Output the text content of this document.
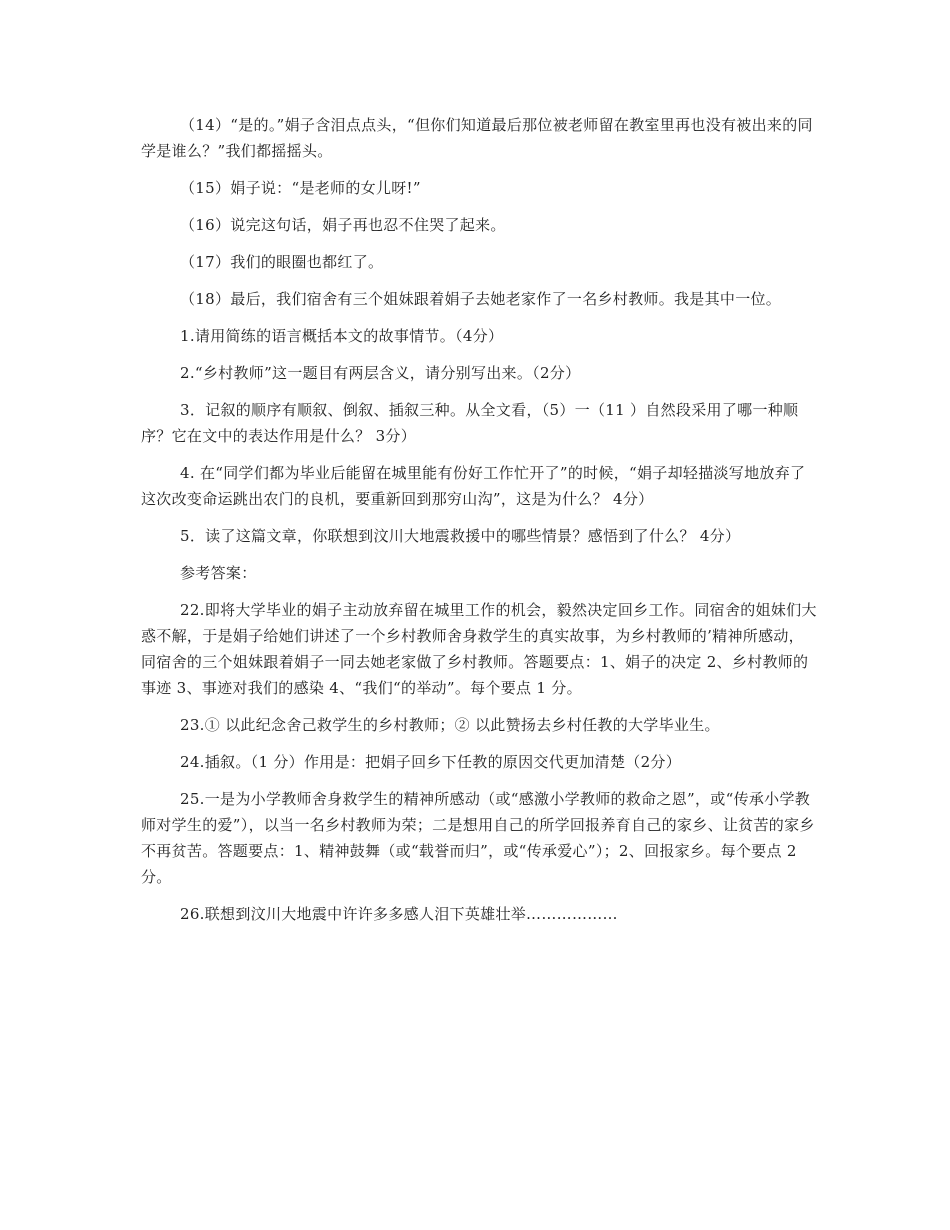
（14）“是的。”娟子含泪点点头，“但你们知道最后那位被老师留在教室里再也没有被出来的同学是谁么？”我们都摇摇头。

（15）娟子说：“是老师的女儿呀!”

（16）说完这句话，娟子再也忍不住哭了起来。

（17）我们的眼圈也都红了。

（18）最后，我们宿舍有三个姐妹跟着娟子去她老家作了一名乡村教师。我是其中一位。

1.请用简练的语言概括本文的故事情节。（4分）

2.“乡村教师”这一题目有两层含义，请分别写出来。（2分）

3．记叙的顺序有顺叙、倒叙、插叙三种。从全文看，（5）一（11 ）自然段采用了哪一种顺序？它在文中的表达作用是什么？ 3分）

4. 在“同学们都为毕业后能留在城里能有份好工作忙开了”的时候，“娟子却轻描淡写地放弃了这次改变命运跳出农门的良机，要重新回到那穷山沟”，这是为什么？ 4分）

5．读了这篇文章，你联想到汶川大地震救援中的哪些情景？感悟到了什么？ 4分）

参考答案：

22.即将大学毕业的娟子主动放弃留在城里工作的机会，毅然决定回乡工作。同宿舍的姐妹们大惑不解，于是娟子给她们讲述了一个乡村教师舍身救学生的真实故事，为乡村教师的’精神所感动，同宿舍的三个姐妹跟着娟子一同去她老家做了乡村教师。答题要点：1、娟子的决定 2、乡村教师的事迹 3、事迹对我们的感染 4、“我们“的举动”。每个要点 1 分。

23.① 以此纪念舍己救学生的乡村教师；② 以此赞扬去乡村任教的大学毕业生。

24.插叙。（1 分）作用是：把娟子回乡下任教的原因交代更加清楚（2分）

25.一是为小学教师舍身救学生的精神所感动（或“感激小学教师的救命之恩”，或“传承小学教师对学生的爱”），以当一名乡村教师为荣；二是想用自己的所学回报养育自己的家乡、让贫苦的家乡不再贫苦。答题要点：1、精神鼓舞（或“载誉而归”，或“传承爱心”）；2、回报家乡。每个要点 2 分。

26.联想到汶川大地震中许许多多感人泪下英雄壮举………………
